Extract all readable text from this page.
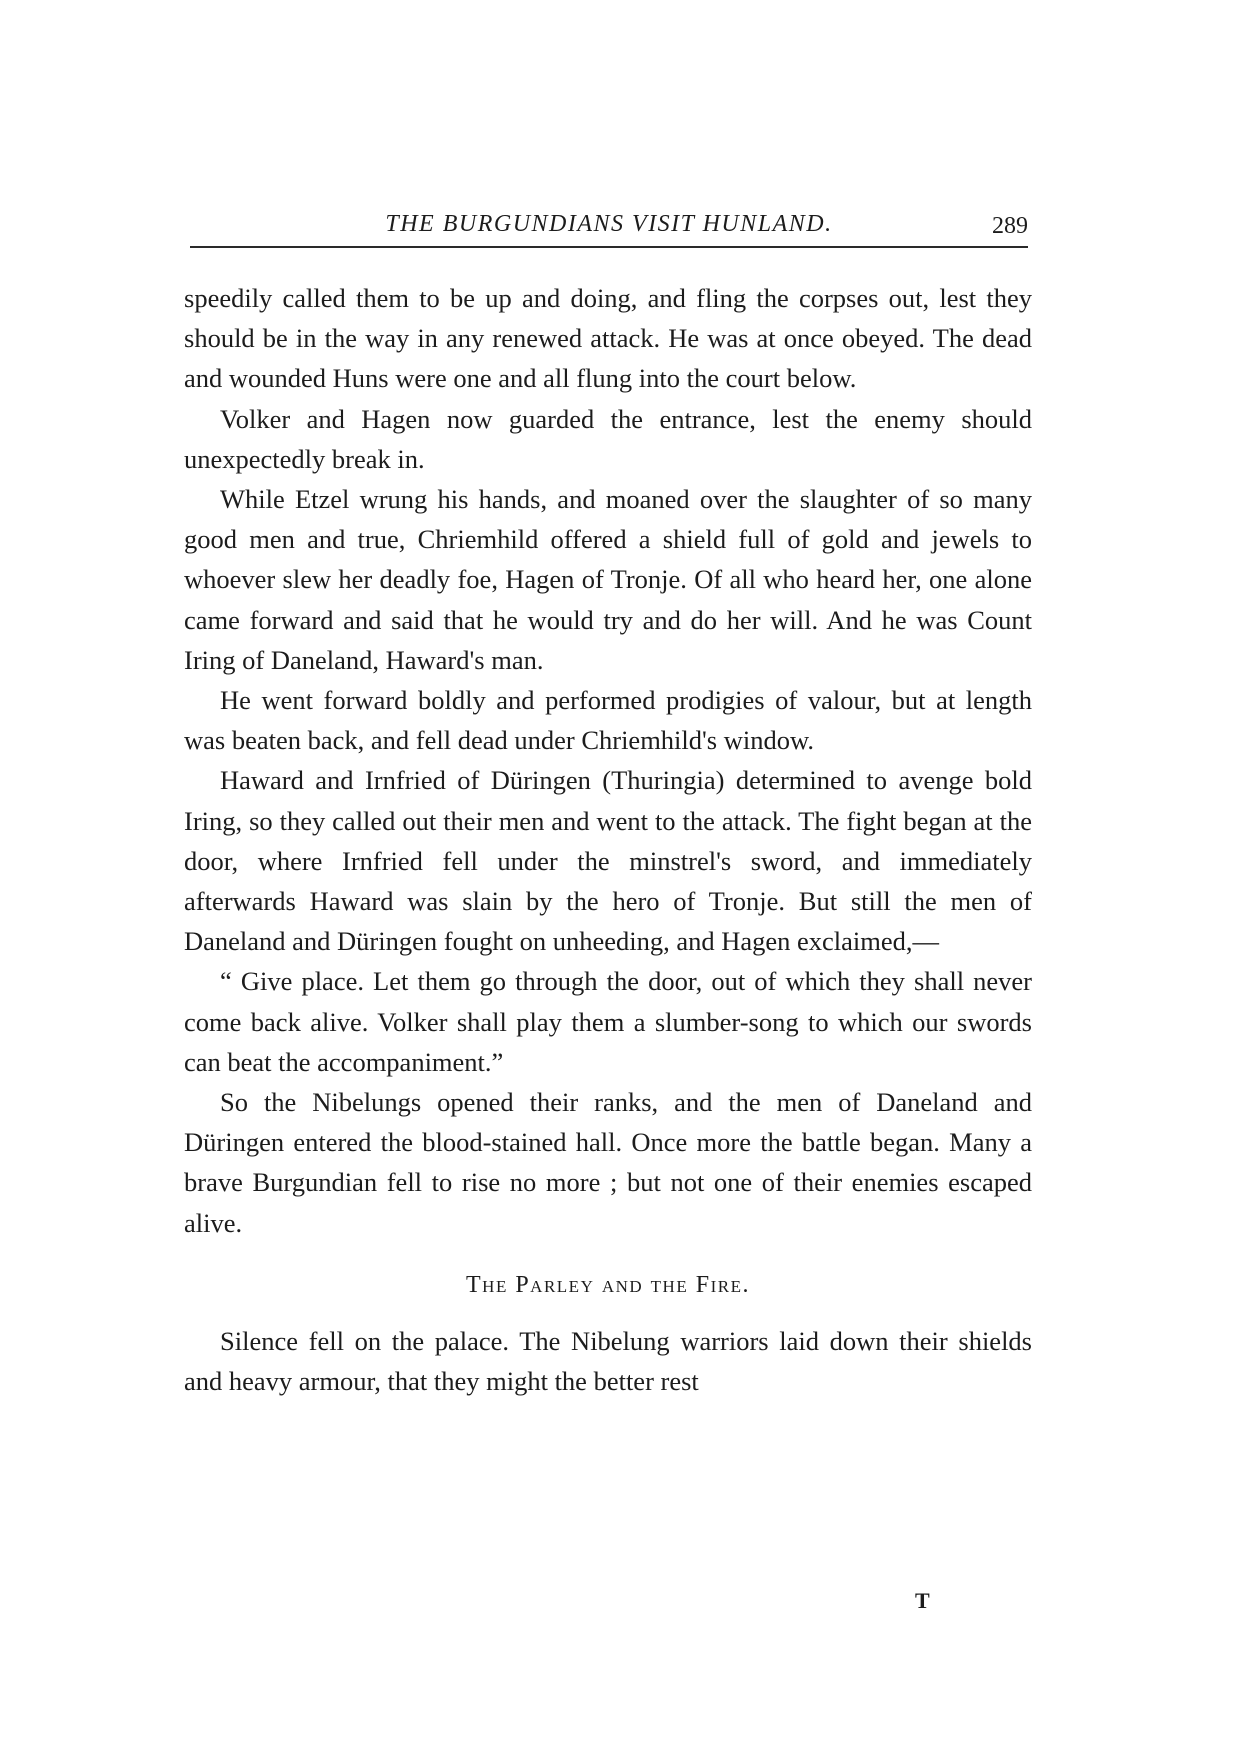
THE BURGUNDIANS VISIT HUNLAND.	289

speedily called them to be up and doing, and fling the corpses out, lest they should be in the way in any renewed attack. He was at once obeyed. The dead and wounded Huns were one and all flung into the court below.

Volker and Hagen now guarded the entrance, lest the enemy should unexpectedly break in.

While Etzel wrung his hands, and moaned over the slaughter of so many good men and true, Chriemhild offered a shield full of gold and jewels to whoever slew her deadly foe, Hagen of Tronje. Of all who heard her, one alone came forward and said that he would try and do her will. And he was Count Iring of Daneland, Haward's man.

He went forward boldly and performed prodigies of valour, but at length was beaten back, and fell dead under Chriemhild's window.

Haward and Irnfried of Düringen (Thuringia) determined to avenge bold Iring, so they called out their men and went to the attack. The fight began at the door, where Irnfried fell under the minstrel's sword, and immediately afterwards Haward was slain by the hero of Tronje. But still the men of Daneland and Düringen fought on unheeding, and Hagen exclaimed,—

“ Give place. Let them go through the door, out of which they shall never come back alive. Volker shall play them a slumber-song to which our swords can beat the accompaniment.”

So the Nibelungs opened their ranks, and the men of Daneland and Düringen entered the blood-stained hall. Once more the battle began. Many a brave Burgundian fell to rise no more ; but not one of their enemies escaped alive.

The Parley and the Fire.

Silence fell on the palace. The Nibelung warriors laid down their shields and heavy armour, that they might the better rest

T
